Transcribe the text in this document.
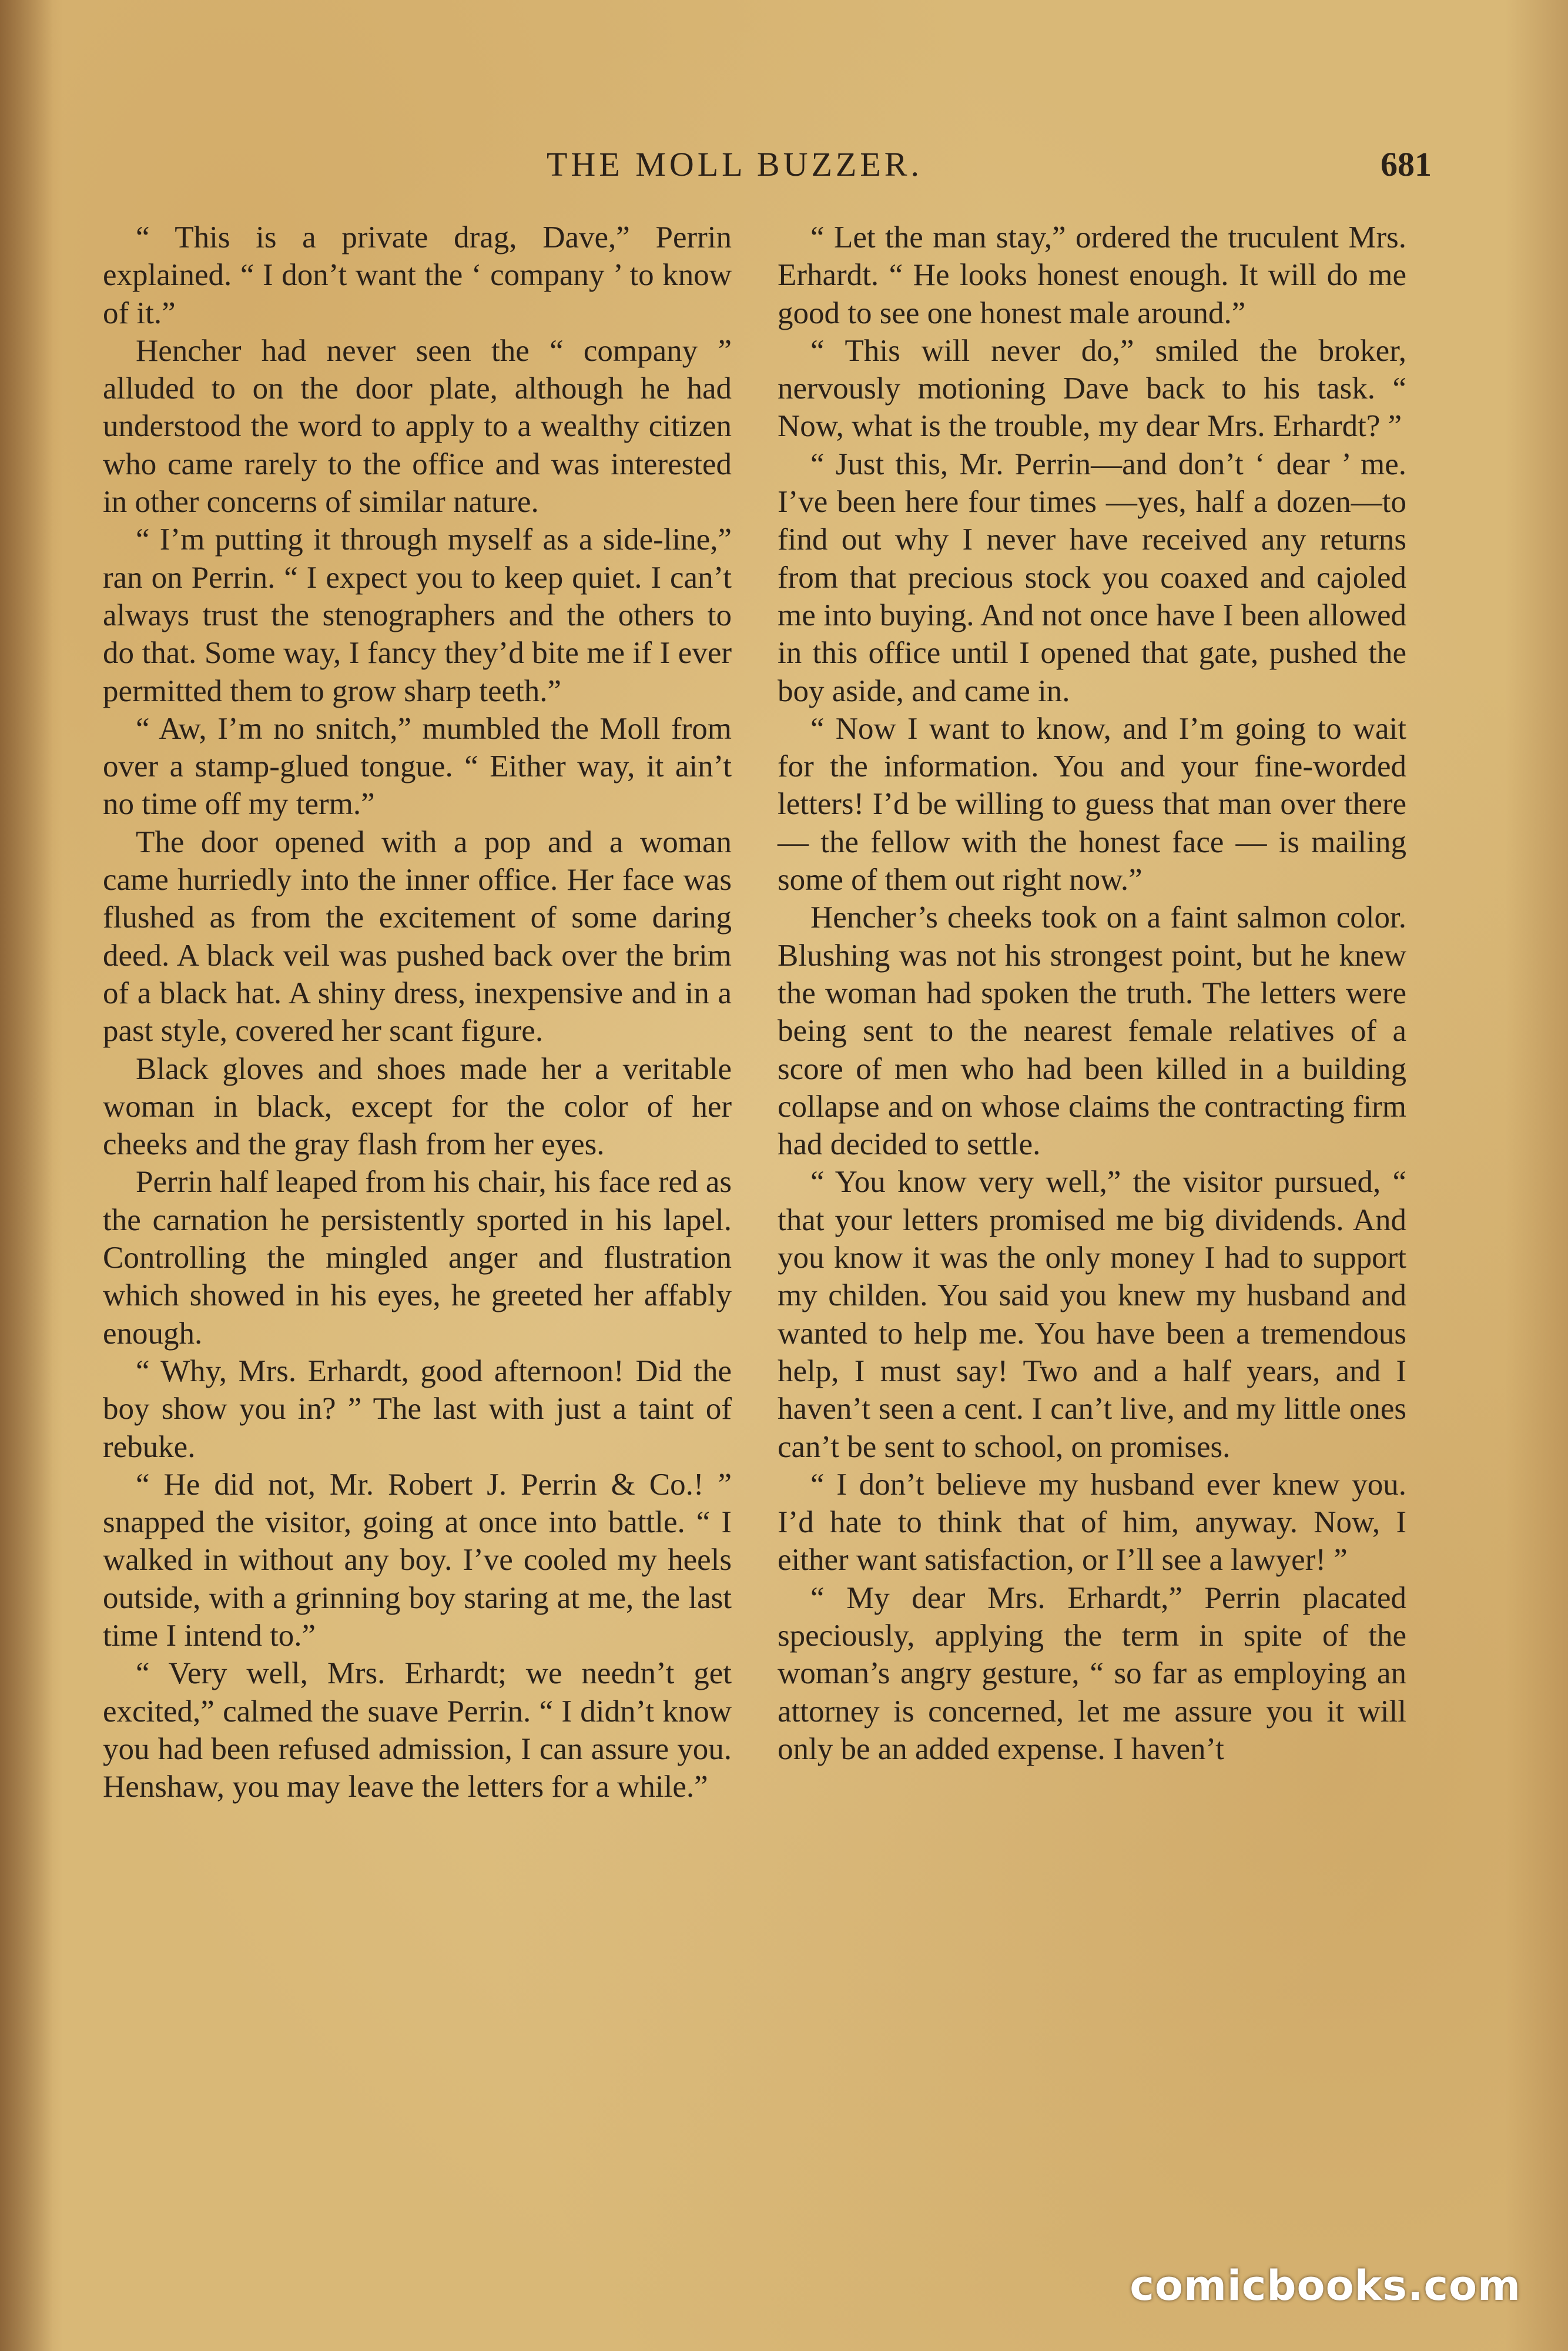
THE MOLL BUZZER.	681

“ This is a private drag, Dave,” Perrin explained. “ I don’t want the ‘ company ’ to know of it.”

Hencher had never seen the “ company ” alluded to on the door plate, although he had understood the word to apply to a wealthy citizen who came rarely to the office and was interested in other concerns of similar nature.

“ I’m putting it through myself as a side-line,” ran on Perrin. “ I expect you to keep quiet. I can’t always trust the stenographers and the others to do that. Some way, I fancy they’d bite me if I ever permitted them to grow sharp teeth.”

“ Aw, I’m no snitch,” mumbled the Moll from over a stamp-glued tongue. “ Either way, it ain’t no time off my term.”

The door opened with a pop and a woman came hurriedly into the inner office. Her face was flushed as from the excitement of some daring deed. A black veil was pushed back over the brim of a black hat. A shiny dress, inexpensive and in a past style, covered her scant figure.

Black gloves and shoes made her a veritable woman in black, except for the color of her cheeks and the gray flash from her eyes.

Perrin half leaped from his chair, his face red as the carnation he persistently sported in his lapel. Controlling the mingled anger and flustration which showed in his eyes, he greeted her affably enough.

“ Why, Mrs. Erhardt, good afternoon! Did the boy show you in? ” The last with just a taint of rebuke.

“ He did not, Mr. Robert J. Perrin & Co.! ” snapped the visitor, going at once into battle. “ I walked in without any boy. I’ve cooled my heels outside, with a grinning boy staring at me, the last time I intend to.”

“ Very well, Mrs. Erhardt; we needn’t get excited,” calmed the suave Perrin. “ I didn’t know you had been refused admission, I can assure you. Henshaw, you may leave the letters for a while.”

“ Let the man stay,” ordered the truculent Mrs. Erhardt. “ He looks honest enough. It will do me good to see one honest male around.”

“ This will never do,” smiled the broker, nervously motioning Dave back to his task. “ Now, what is the trouble, my dear Mrs. Erhardt? ”

“ Just this, Mr. Perrin—and don’t ‘ dear ’ me. I’ve been here four times —yes, half a dozen—to find out why I never have received any returns from that precious stock you coaxed and cajoled me into buying. And not once have I been allowed in this office until I opened that gate, pushed the boy aside, and came in.

“ Now I want to know, and I’m going to wait for the information. You and your fine-worded letters! I’d be willing to guess that man over there— the fellow with the honest face — is mailing some of them out right now.”

Hencher’s cheeks took on a faint salmon color. Blushing was not his strongest point, but he knew the woman had spoken the truth. The letters were being sent to the nearest female relatives of a score of men who had been killed in a building collapse and on whose claims the contracting firm had decided to settle.

“ You know very well,” the visitor pursued, “ that your letters promised me big dividends. And you know it was the only money I had to support my childen. You said you knew my husband and wanted to help me. You have been a tremendous help, I must say! Two and a half years, and I haven’t seen a cent. I can’t live, and my little ones can’t be sent to school, on promises.

“ I don’t believe my husband ever knew you. I’d hate to think that of him, anyway. Now, I either want satisfaction, or I’ll see a lawyer! ”

“ My dear Mrs. Erhardt,” Perrin placated speciously, applying the term in spite of the woman’s angry gesture, “ so far as employing an attorney is concerned, let me assure you it will only be an added expense. I haven’t

comicbooks.com
